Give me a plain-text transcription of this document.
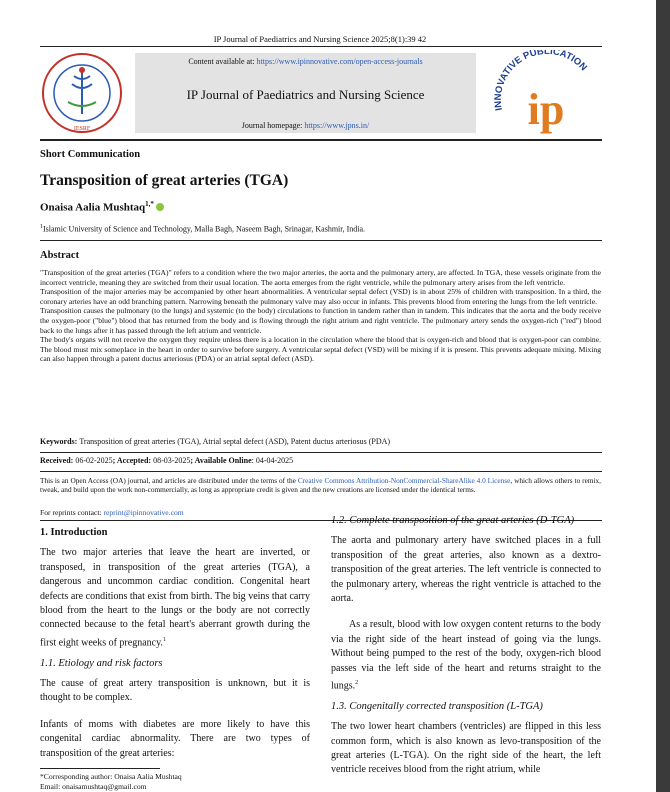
IP Journal of Paediatrics and Nursing Science 2025;8(1):39 42
IESRF
Content available at: https://www.ipinnovative.com/open-access-journals
IP Journal of Paediatrics and Nursing Science
Journal homepage: https://www.jpns.in/
INNOVATIVE PUBLICATION
ip
Short Communication
Transposition of great arteries (TGA)
Onaisa Aalia Mushtaq$^{1,*}$
$^1$Islamic University of Science and Technology, Malla Bagh, Naseem Bagh, Srinagar, Kashmir, India.
Abstract

"Transposition of the great arteries (TGA)" refers to a condition where the two major arteries, the aorta and the pulmonary artery, are affected. In TGA, these vessels originate from the incorrect ventricle, meaning they are switched from their usual location. The aorta emerges from the right ventricle, while the pulmonary artery arises from the left ventricle.

Transposition of the major arteries may be accompanied by other heart abnormalities. A ventricular septal defect (VSD) is in about 25% of children with transposition. In a third, the coronary arteries have an odd branching pattern. Narrowing beneath the pulmonary valve may also occur in infants. This prevents blood from entering the lungs from the left ventricle.

Transposition causes the pulmonary (to the lungs) and systemic (to the body) circulations to function in tandem rather than in tandem. This indicates that the aorta and the body receive the oxygen-poor ("blue") blood that has returned from the body and is flowing through the right atrium and right ventricle. The pulmonary artery sends the oxygen-rich ("red") blood back to the lungs after it has passed through the left atrium and ventricle.

The body's organs will not receive the oxygen they require unless there is a location in the circulation where the blood that is oxygen-rich and blood that is oxygen-poor can combine. The blood must mix someplace in the heart in order to survive before surgery. A ventricular septal defect (VSD) will be mixing if it is present. This prevents adequate mixing. Mixing can also happen through a patent ductus arteriosus (PDA) or an atrial septal defect (ASD).

Keywords: Transposition of great arteries (TGA), Atrial septal defect (ASD), Patent ductus arteriosus (PDA)
Received: 06-02-2025; Accepted: 08-03-2025; Available Online: 04-04-2025
This is an Open Access (OA) journal, and articles are distributed under the terms of the Creative Commons Attribution-NonCommercial-ShareAlike 4.0 License, which allows others to remix, tweak, and build upon the work non-commercially, as long as appropriate credit is given and the new creations are licensed under the identical terms.
For reprints contact: reprint@ipinnovative.com

1. Introduction

The two major arteries that leave the heart are inverted, or transposed, in transposition of the great arteries (TGA), a dangerous and uncommon cardiac condition. Congenital heart defects are conditions that exist from birth. The big veins that carry blood from the heart to the lungs or the body are not correctly connected because to the fetal heart's aberrant growth during the first eight weeks of pregnancy.$^1$

1.1. Etiology and risk factors

The cause of great artery transposition is unknown, but it is thought to be complex.

Infants of moms with diabetes are more likely to have this congenital cardiac abnormality. There are two types of transposition of the great arteries:

1.2. Complete transposition of the great arteries (D-TGA)

The aorta and pulmonary artery have switched places in a full transposition of the great arteries, also known as a dextro-transposition of the great arteries. The left ventricle is connected to the pulmonary artery, whereas the right ventricle is attached to the aorta.

As a result, blood with low oxygen content returns to the body via the right side of the heart instead of going via the lungs. Without being pumped to the rest of the body, oxygen-rich blood passes via the left side of the heart and returns straight to the lungs.$^2$

1.3. Congenitally corrected transposition (L-TGA)

The two lower heart chambers (ventricles) are flipped in this less common form, which is also known as levo-transposition of the great arteries (L-TGA). On the right side of the heart, the left ventricle receives blood from the right atrium, while

*Corresponding author: Onaisa Aalia Mushtaq
Email: onaisamushtaq@gmail.com
